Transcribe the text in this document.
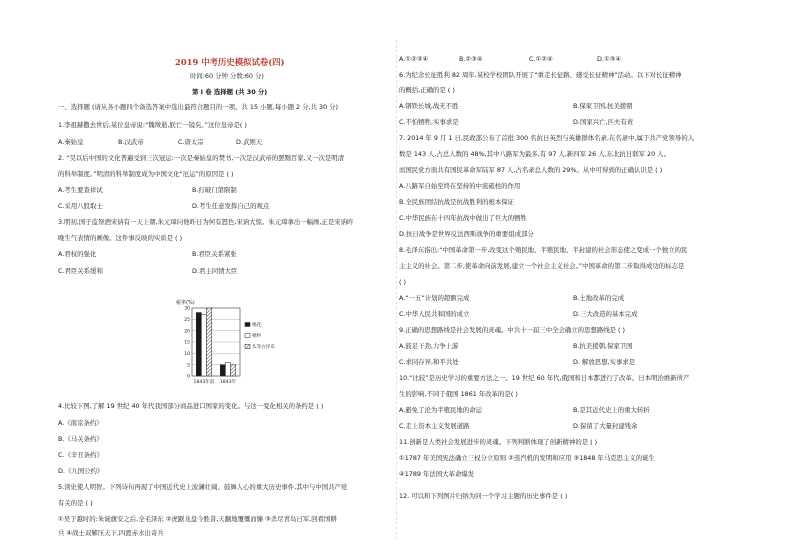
2019 中考历史模拟试卷(四)
时间:60 分钟 分数:60 分)
第 I 卷 选择题 (共 30 分)
一、选择题 (请从各小题四个备选答案中选出最符合题目的一项。共 15 小题,每小题 2 分,共 30 分)
1.李祖赫撒去世后,某位皇帝说:“魏徵逝,朕亡一镜矣。”这位皇帝是( )
A.秦始皇	B.汉武帝	C.唐太宗	D.武则天
2. “昊以后中国的文化普遍受到三次冠运:一次是秦始皇的焚书,一次是汉武帝的罢黜百家,又一次是明清
的科举制度。”明清的科举制度成为中国文化“厄运”的原因是 ( )
A.考生要查祥试	B.打破门第限制
C.采用八股取士	D.考生任意发挥自己的观点
3.明初,国子监祭酒宋讷有一天上朝,朱元璋问他昨日为何有怒色,宋讷大惊。朱元璋拿出一幅画,正是宋讷昨
晚生气表情的画像。这件事反映的实质是 ( )
A.君权的强化	B.君臣关系紧张
C.君臣关系缓和	D.君主同情大臣
税率(%)
0
5
10
15
20
25
30
1843年前 1843年
棉花
棉纱
头等白洋布
4.比较下图,了解 19 世纪 40 年代我国部分商品进口国家的变化。与这一变化相关的条约是 ( )
A.《南京条约》
B.《马关条约》
C.《辛丑条约》
D.《九国公约》
5.读史使人明智。下列诗句再现了中国近代史上波澜壮阔、鼓舞人心的重大历史事件,其中与中国共产党
有关的是 ( )
①吴于越时的:朱诞旗安之后,全毛泽东 ②虎踞龙盘今胜昔,天翻地覆慨而慷 ③杀尽青岛日军,回看国耕
兵 ④战士双解压天下,四渡赤水出奇兵
A.①②③④	B.②③④	C.①②④	D.①③④
6.为纪念长征胜利 82 周年,某校学校团队开展了“重走长征路、感受长征精神”活动。以下对长征精神
的概括,正确的是 ( )
A.钢铁长城,战无不胜	B.保家卫国,抗美援朝
C.不怕牺牲,实事求是	D.国家兴亡,匹夫有责
7. 2014 年 9 月 1 日,民政部公布了首批 300 名抗日英烈与英雄群体名录,在名录中,属于共产党领导的人
数是 143 人,占总人数的 48%,其中八路军为最多,有 97 人,新四军 26 人,东北抗日联军 20 人。
而国民党方面共有国民革命军陆军 87 人,占名录总人数的 29%。从中可得到的正确认识是 ( )
A.八路军自始至终在坚持的中流砥柱的作用
B.全民族团结抗战是抗战胜利的根本保证
C.中华民族在十四年抗战中做出了巨大的牺牲
D.抗日战争是世界反法西斯战争的重要组成部分
8.毛泽东指出:“中国革命第一步,改变这个殖民地、半殖民地、半封建的社会形态使之变成一个独立的民
主主义的社会。第二步,使革命向前发展,建立一个社会主义社会。”中国革命的第二步取得成功的标志是
( )
A.“一五”计划的超额完成	B.土地改革的完成
C.中华人民共和国的成立	D.三大改造的基本完成
9.正确的思想路线是社会发展的灵魂。中共十一届三中全会确立的思想路线是 ( )
A.鼓足干劲,力争上游	B.抗美援朝,保家卫国
C.求同存异,和平共处	D. 解放思想,实事求是
10.“比较”是历史学习的重要方法之一。19 世纪 60 年代,俄国和日本都进行了改革。日本明治维新所产
生的影响,不同于俄国 1861 年改革的是( )
A.避免了沦为半殖民地的命运	B.是其近代史上的重大转折
C.走上资本主义发展道路	D.保留了大量封建残余
11.创新是人类社会发展进步的灵魂。下列判断体现了创新精神的是 ( )
①1787 年美国宪法确立三权分立原则 ②蒸汽机的发明和应用 ③1848 年马克思主义的诞生
④1789 年法国大革命爆发
12. 可以和下列图片归纳为同一个学习主题的历史事件是 ( )
